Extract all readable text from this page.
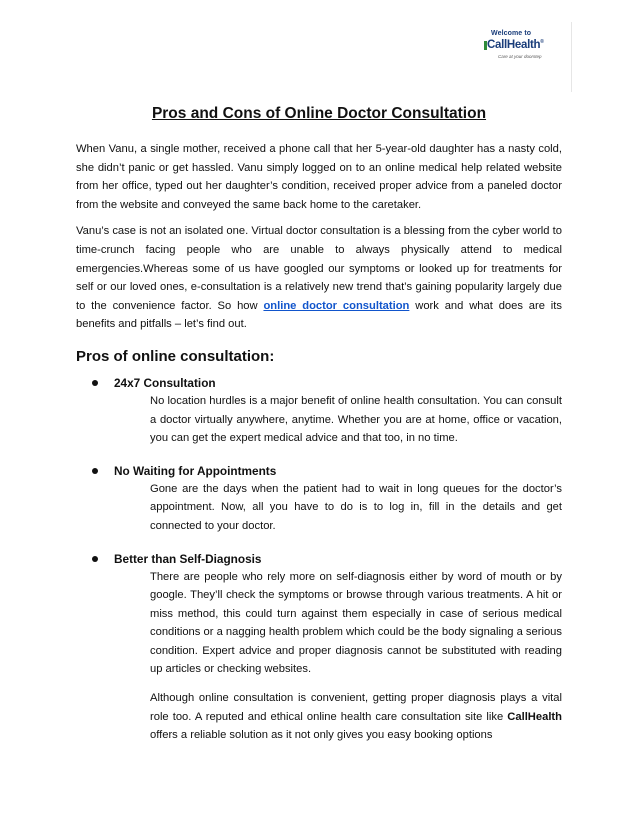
Welcome to
CallHealth®
Care at your doorstep
Pros and Cons of Online Doctor Consultation

When Vanu, a single mother, received a phone call that her 5-year-old daughter has a nasty cold, she didn’t panic or get hassled. Vanu simply logged on to an online medical help related website from her office, typed out her daughter’s condition, received proper advice from a paneled doctor from the website and conveyed the same back home to the caretaker.

Vanu’s case is not an isolated one. Virtual doctor consultation is a blessing from the cyber world to time-crunch facing people who are unable to always physically attend to medical emergencies.Whereas some of us have googled our symptoms or looked up for treatments for self or our loved ones, e-consultation is a relatively new trend that’s gaining popularity largely due to the convenience factor. So how online doctor consultation work and what does are its benefits and pitfalls – let’s find out.

Pros of online consultation:
24x7 Consultation

No location hurdles is a major benefit of online health consultation. You can consult a doctor virtually anywhere, anytime. Whether you are at home, office or vacation, you can get the expert medical advice and that too, in no time.

No Waiting for Appointments

Gone are the days when the patient had to wait in long queues for the doctor’s appointment. Now, all you have to do is to log in, fill in the details and get connected to your doctor.

Better than Self-Diagnosis

There are people who rely more on self-diagnosis either by word of mouth or by google. They’ll check the symptoms or browse through various treatments. A hit or miss method, this could turn against them especially in case of serious medical conditions or a nagging health problem which could be the body signaling a serious condition. Expert advice and proper diagnosis cannot be substituted with reading up articles or checking websites.

Although online consultation is convenient, getting proper diagnosis plays a vital role too. A reputed and ethical online health care consultation site like CallHealth offers a reliable solution as it not only gives you easy booking options
